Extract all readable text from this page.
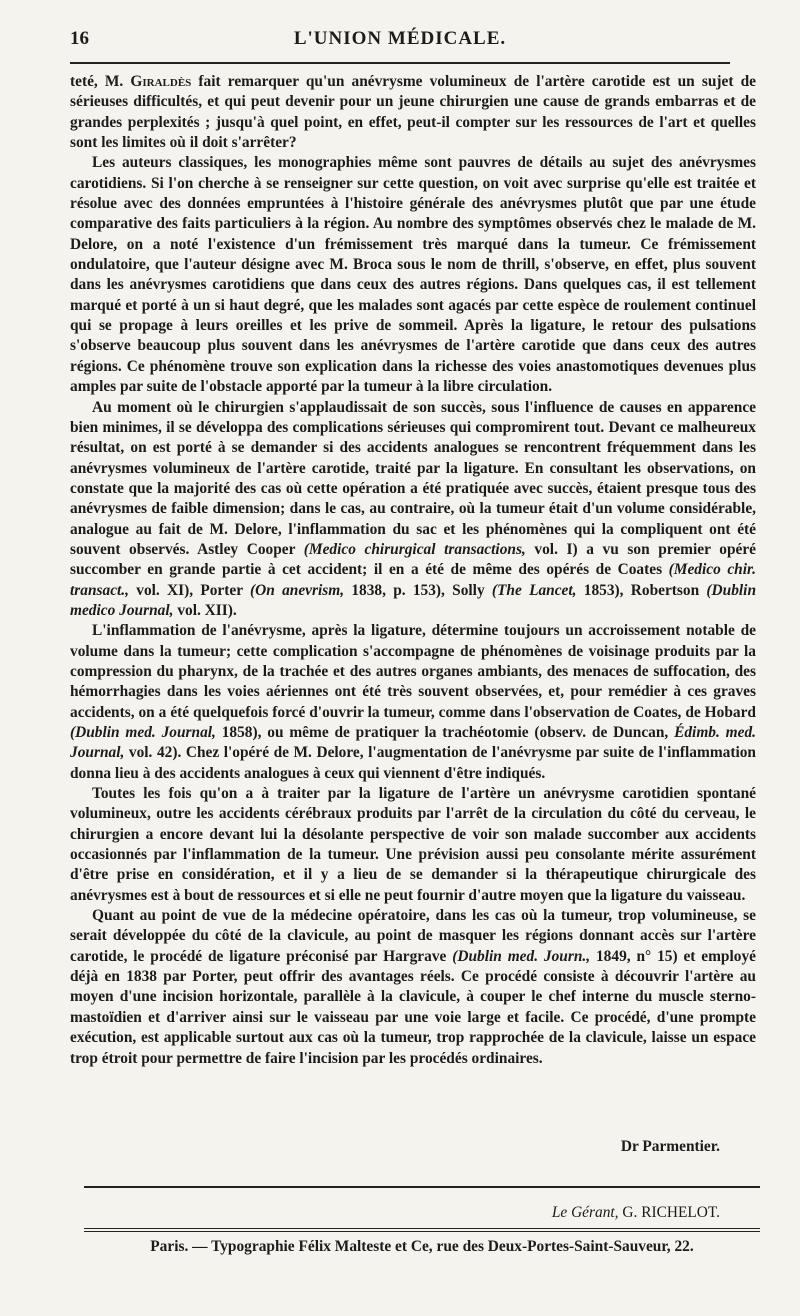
16	L'UNION MÉDICALE.

teté, M. Giraldès fait remarquer qu'un anévrysme volumineux de l'artère carotide est un sujet de sérieuses difficultés, et qui peut devenir pour un jeune chirurgien une cause de grands embarras et de grandes perplexités ; jusqu'à quel point, en effet, peut-il compter sur les ressources de l'art et quelles sont les limites où il doit s'arrêter?

Les auteurs classiques, les monographies même sont pauvres de détails au sujet des anévrysmes carotidiens. Si l'on cherche à se renseigner sur cette question, on voit avec surprise qu'elle est traitée et résolue avec des données empruntées à l'histoire générale des anévrysmes plutôt que par une étude comparative des faits particuliers à la région. Au nombre des symptômes observés chez le malade de M. Delore, on a noté l'existence d'un frémissement très marqué dans la tumeur. Ce frémissement ondulatoire, que l'auteur désigne avec M. Broca sous le nom de thrill, s'observe, en effet, plus souvent dans les anévrysmes carotidiens que dans ceux des autres régions. Dans quelques cas, il est tellement marqué et porté à un si haut degré, que les malades sont agacés par cette espèce de roulement continuel qui se propage à leurs oreilles et les prive de sommeil. Après la ligature, le retour des pulsations s'observe beaucoup plus souvent dans les anévrysmes de l'artère carotide que dans ceux des autres régions. Ce phénomène trouve son explication dans la richesse des voies anastomotiques devenues plus amples par suite de l'obstacle apporté par la tumeur à la libre circulation.

Au moment où le chirurgien s'applaudissait de son succès, sous l'influence de causes en apparence bien minimes, il se développa des complications sérieuses qui compromirent tout. Devant ce malheureux résultat, on est porté à se demander si des accidents analogues se rencontrent fréquemment dans les anévrysmes volumineux de l'artère carotide, traité par la ligature. En consultant les observations, on constate que la majorité des cas où cette opération a été pratiquée avec succès, étaient presque tous des anévrysmes de faible dimension; dans le cas, au contraire, où la tumeur était d'un volume considérable, analogue au fait de M. Delore, l'inflammation du sac et les phénomènes qui la compliquent ont été souvent observés. Astley Cooper (Medico chirurgical transactions, vol. I) a vu son premier opéré succomber en grande partie à cet accident; il en a été de même des opérés de Coates (Medico chir. transact., vol. XI), Porter (On anevrism, 1838, p. 153), Solly (The Lancet, 1853), Robertson (Dublin medico Journal, vol. XII).

L'inflammation de l'anévrysme, après la ligature, détermine toujours un accroissement notable de volume dans la tumeur; cette complication s'accompagne de phénomènes de voisinage produits par la compression du pharynx, de la trachée et des autres organes ambiants, des menaces de suffocation, des hémorrhagies dans les voies aériennes ont été très souvent observées, et, pour remédier à ces graves accidents, on a été quelquefois forcé d'ouvrir la tumeur, comme dans l'observation de Coates, de Hobard (Dublin med. Journal, 1858), ou même de pratiquer la trachéotomie (observ. de Duncan, Édimb. med. Journal, vol. 42). Chez l'opéré de M. Delore, l'augmentation de l'anévrysme par suite de l'inflammation donna lieu à des accidents analogues à ceux qui viennent d'être indiqués.

Toutes les fois qu'on a à traiter par la ligature de l'artère un anévrysme carotidien spontané volumineux, outre les accidents cérébraux produits par l'arrêt de la circulation du côté du cerveau, le chirurgien a encore devant lui la désolante perspective de voir son malade succomber aux accidents occasionnés par l'inflammation de la tumeur. Une prévision aussi peu consolante mérite assurément d'être prise en considération, et il y a lieu de se demander si la thérapeutique chirurgicale des anévrysmes est à bout de ressources et si elle ne peut fournir d'autre moyen que la ligature du vaisseau.

Quant au point de vue de la médecine opératoire, dans les cas où la tumeur, trop volumineuse, se serait développée du côté de la clavicule, au point de masquer les régions donnant accès sur l'artère carotide, le procédé de ligature préconisé par Hargrave (Dublin med. Journ., 1849, n° 15) et employé déjà en 1838 par Porter, peut offrir des avantages réels. Ce procédé consiste à découvrir l'artère au moyen d'une incision horizontale, parallèle à la clavicule, à couper le chef interne du muscle sterno-mastoïdien et d'arriver ainsi sur le vaisseau par une voie large et facile. Ce procédé, d'une prompte exécution, est applicable surtout aux cas où la tumeur, trop rapprochée de la clavicule, laisse un espace trop étroit pour permettre de faire l'incision par les procédés ordinaires.

Dr Parmentier.
Le Gérant, G. RICHELOT.
Paris. — Typographie Félix Malteste et Ce, rue des Deux-Portes-Saint-Sauveur, 22.
